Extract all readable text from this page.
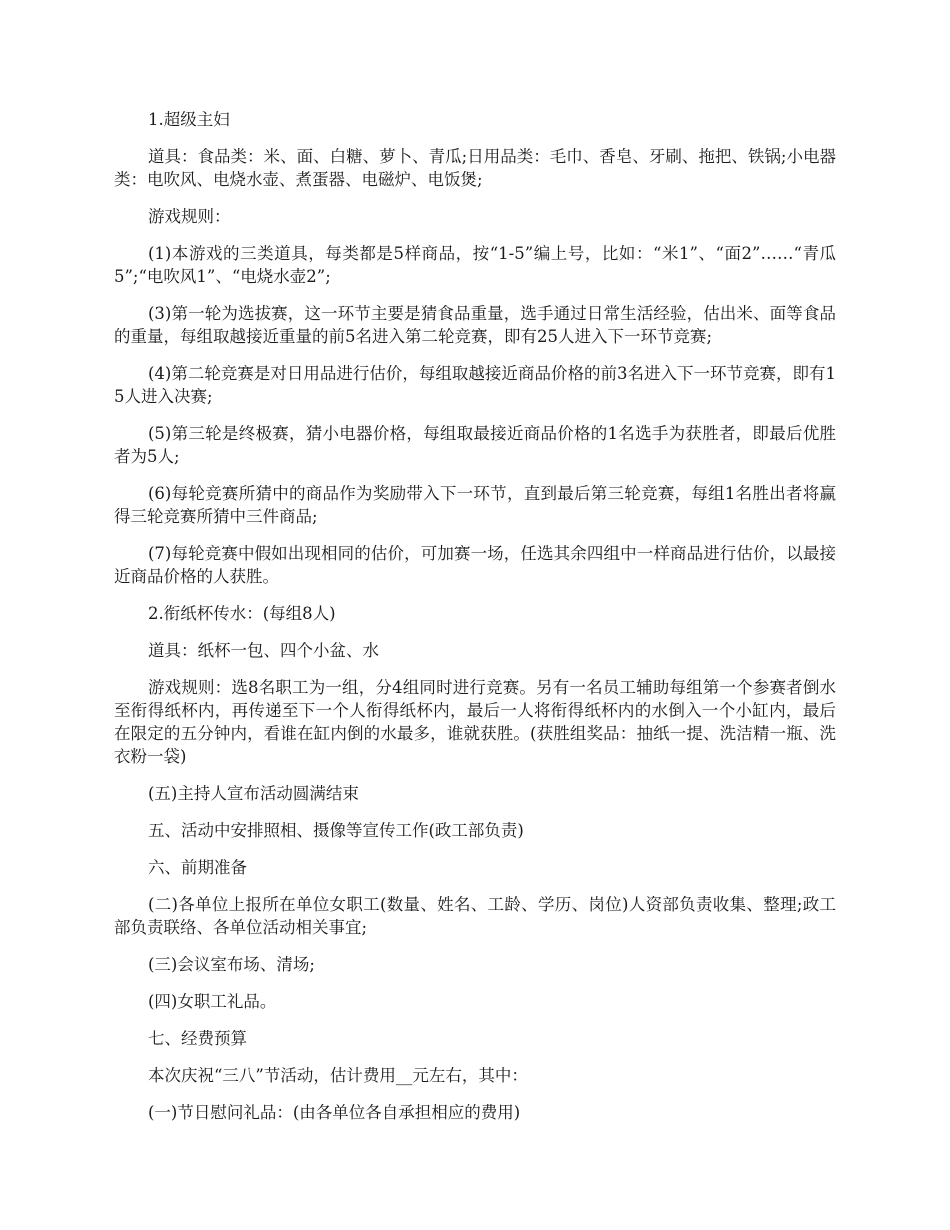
1.超级主妇

道具：食品类：米、面、白糖、萝卜、青瓜;日用品类：毛巾、香皂、牙刷、拖把、铁锅;小电器类：电吹风、电烧水壶、煮蛋器、电磁炉、电饭煲;

游戏规则：

(1)本游戏的三类道具，每类都是5样商品，按“1-5”编上号，比如：“米1”、“面2”……“青瓜5”;“电吹风1”、“电烧水壶2”;

(3)第一轮为选拔赛，这一环节主要是猜食品重量，选手通过日常生活经验，估出米、面等食品的重量，每组取越接近重量的前5名进入第二轮竞赛，即有25人进入下一环节竞赛;

(4)第二轮竞赛是对日用品进行估价，每组取越接近商品价格的前3名进入下一环节竞赛，即有15人进入决赛;

(5)第三轮是终极赛，猜小电器价格，每组取最接近商品价格的1名选手为获胜者，即最后优胜者为5人;

(6)每轮竞赛所猜中的商品作为奖励带入下一环节，直到最后第三轮竞赛，每组1名胜出者将赢得三轮竞赛所猜中三件商品;

(7)每轮竞赛中假如出现相同的估价，可加赛一场，任选其余四组中一样商品进行估价，以最接近商品价格的人获胜。

2.衔纸杯传水：(每组8人)

道具：纸杯一包、四个小盆、水

游戏规则：选8名职工为一组，分4组同时进行竞赛。另有一名员工辅助每组第一个参赛者倒水至衔得纸杯内，再传递至下一个人衔得纸杯内，最后一人将衔得纸杯内的水倒入一个小缸内，最后在限定的五分钟内，看谁在缸内倒的水最多，谁就获胜。(获胜组奖品：抽纸一提、洗洁精一瓶、洗衣粉一袋)

(五)主持人宣布活动圆满结束

五、活动中安排照相、摄像等宣传工作(政工部负责)

六、前期准备

(二)各单位上报所在单位女职工(数量、姓名、工龄、学历、岗位)人资部负责收集、整理;政工部负责联络、各单位活动相关事宜;

(三)会议室布场、清场;

(四)女职工礼品。

七、经费预算

本次庆祝“三八”节活动，估计费用__元左右，其中：

(一)节日慰问礼品：(由各单位各自承担相应的费用)
